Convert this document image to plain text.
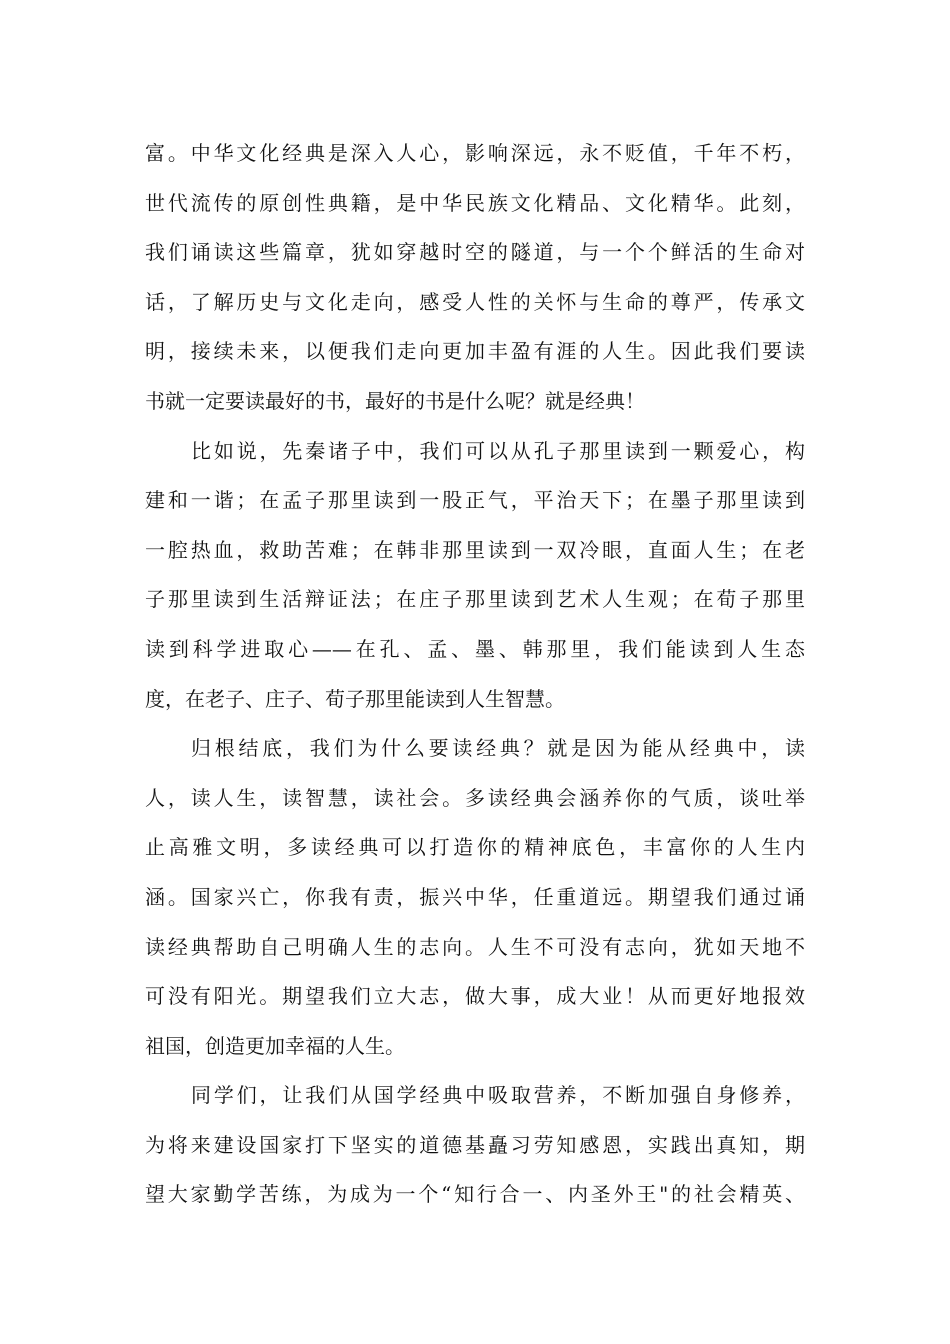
富。中华文化经典是深入人心，影响深远，永不贬值，千年不朽，
世代流传的原创性典籍，是中华民族文化精品、文化精华。此刻，
我们诵读这些篇章，犹如穿越时空的隧道，与一个个鲜活的生命对
话，了解历史与文化走向，感受人性的关怀与生命的尊严，传承文
明，接续未来，以便我们走向更加丰盈有涯的人生。因此我们要读
书就一定要读最好的书，最好的书是什么呢？就是经典！
比如说，先秦诸子中，我们可以从孔子那里读到一颗爱心，构
建和一谐；在孟子那里读到一股正气，平治天下；在墨子那里读到
一腔热血，救助苦难；在韩非那里读到一双冷眼，直面人生；在老
子那里读到生活辩证法；在庄子那里读到艺术人生观；在荀子那里
读到科学进取心——在孔、孟、墨、韩那里，我们能读到人生态
度，在老子、庄子、荀子那里能读到人生智慧。
归根结底，我们为什么要读经典？就是因为能从经典中，读
人，读人生，读智慧，读社会。多读经典会涵养你的气质，谈吐举
止高雅文明，多读经典可以打造你的精神底色，丰富你的人生内
涵。国家兴亡，你我有责，振兴中华，任重道远。期望我们通过诵
读经典帮助自己明确人生的志向。人生不可没有志向，犹如天地不
可没有阳光。期望我们立大志，做大事，成大业！从而更好地报效
祖国，创造更加幸福的人生。
同学们，让我们从国学经典中吸取营养，不断加强自身修养，
为将来建设国家打下坚实的道德基矗习劳知感恩，实践出真知，期
望大家勤学苦练，为成为一个“知行合一、内圣外王"的社会精英、
